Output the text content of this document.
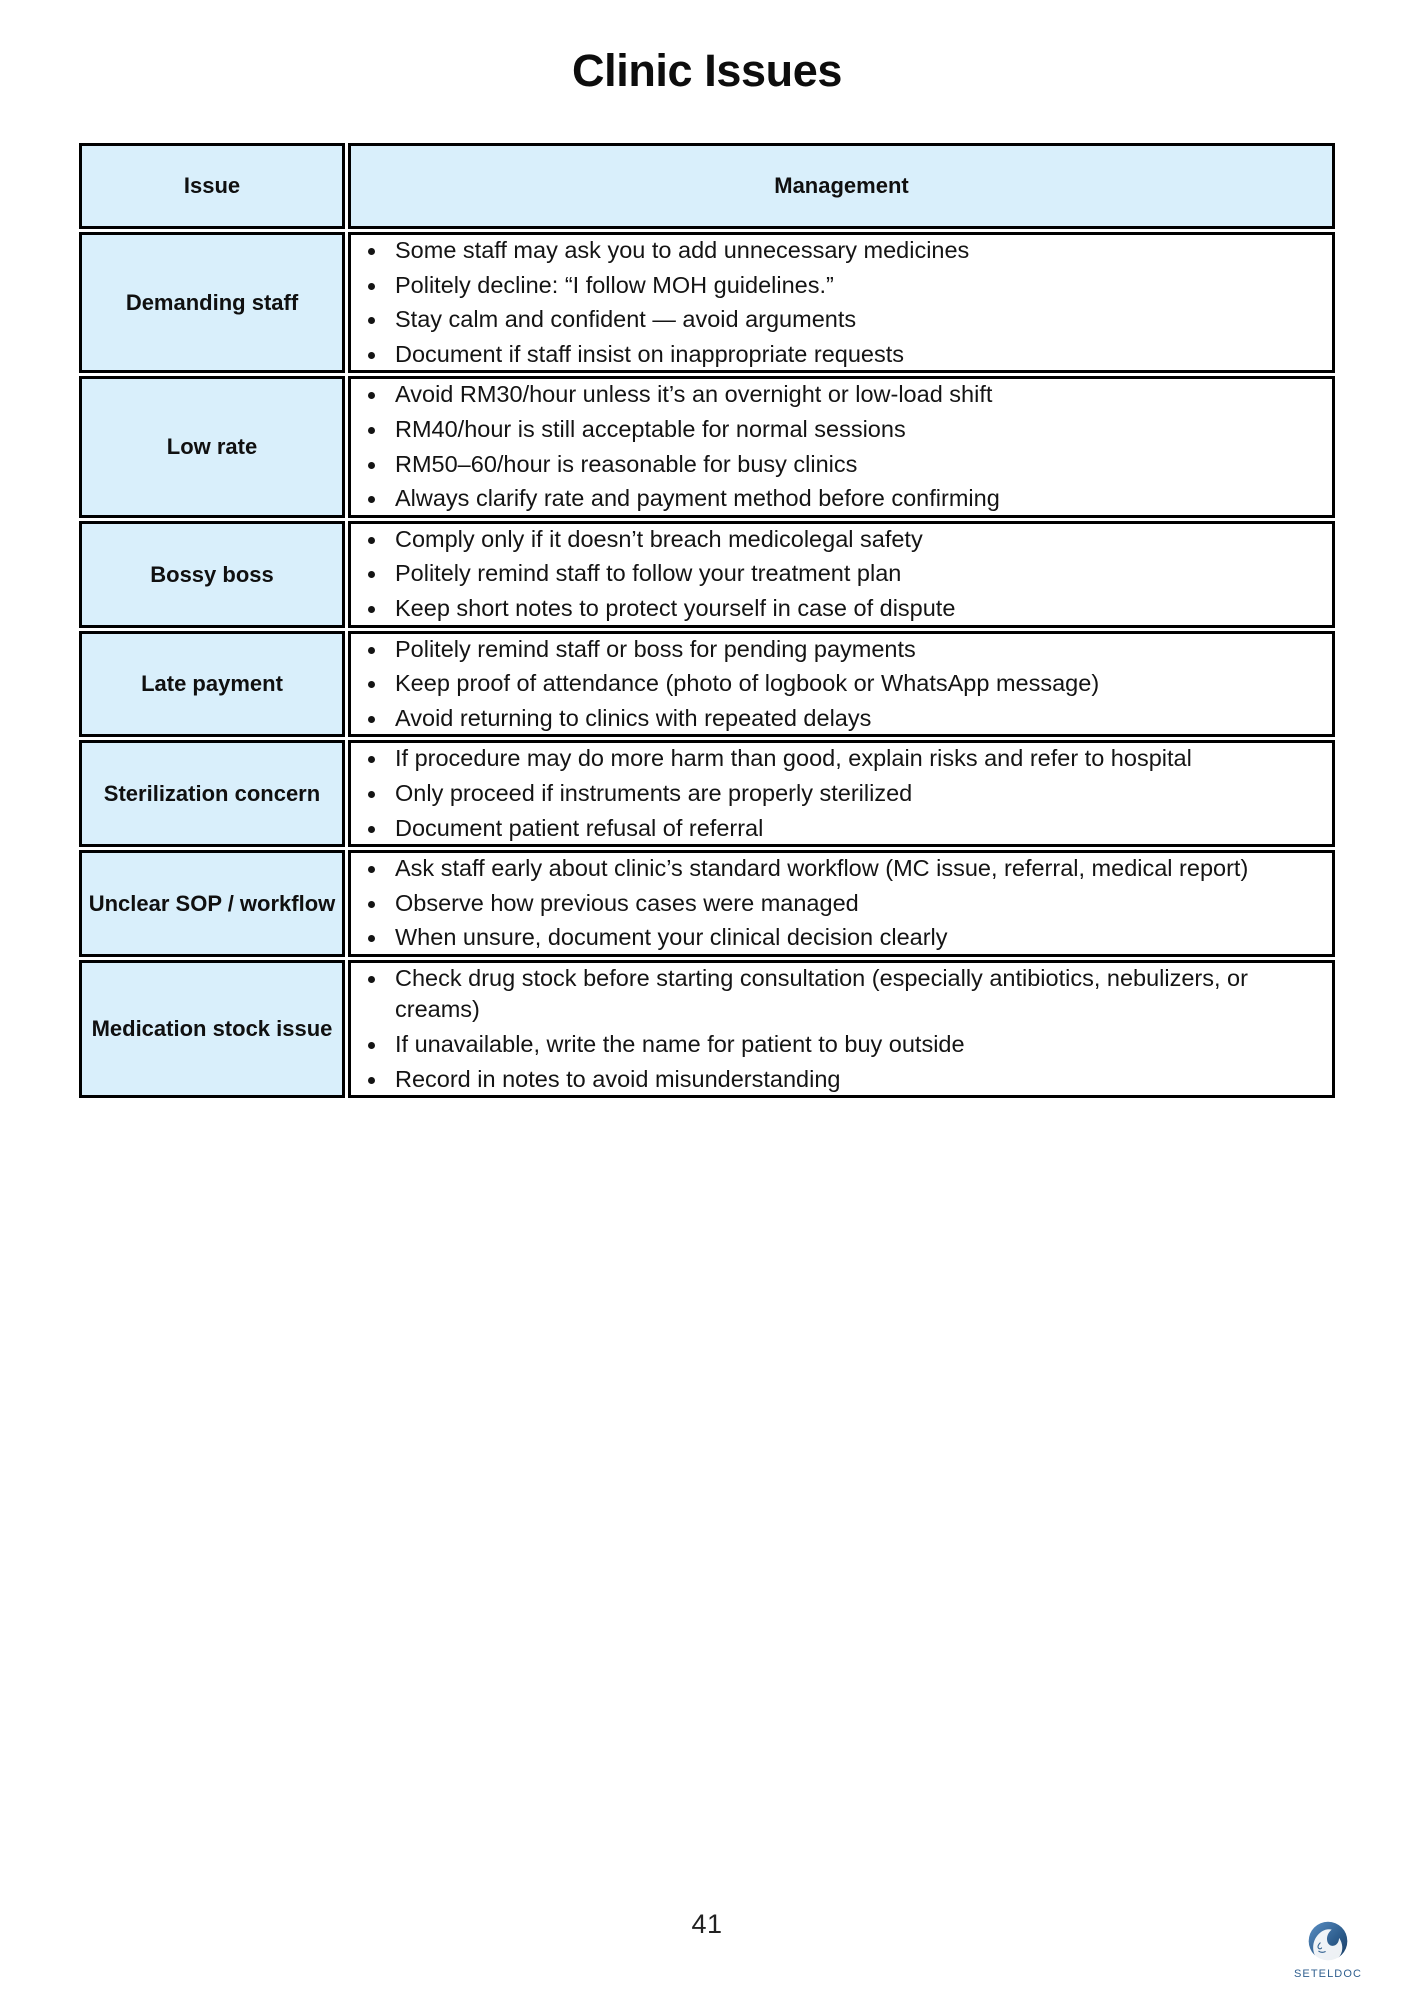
Clinic Issues
Issue	Management
Demanding staff	
Some staff may ask you to add unnecessary medicines
Politely decline: “I follow MOH guidelines.”
Stay calm and confident — avoid arguments
Document if staff insist on inappropriate requests

Low rate	
Avoid RM30/hour unless it’s an overnight or low-load shift
RM40/hour is still acceptable for normal sessions
RM50–60/hour is reasonable for busy clinics
Always clarify rate and payment method before confirming

Bossy boss	
Comply only if it doesn’t breach medicolegal safety
Politely remind staff to follow your treatment plan
Keep short notes to protect yourself in case of dispute

Late payment	
Politely remind staff or boss for pending payments
Keep proof of attendance (photo of logbook or WhatsApp message)
Avoid returning to clinics with repeated delays

Sterilization concern	
If procedure may do more harm than good, explain risks and refer to hospital
Only proceed if instruments are properly sterilized
Document patient refusal of referral

Unclear SOP / workflow	
Ask staff early about clinic’s standard workflow (MC issue, referral, medical report)
Observe how previous cases were managed
When unsure, document your clinical decision clearly

Medication stock issue	
Check drug stock before starting consultation (especially antibiotics, nebulizers, or creams)
If unavailable, write the name for patient to buy outside
Record in notes to avoid misunderstanding
41
SETELDOC
